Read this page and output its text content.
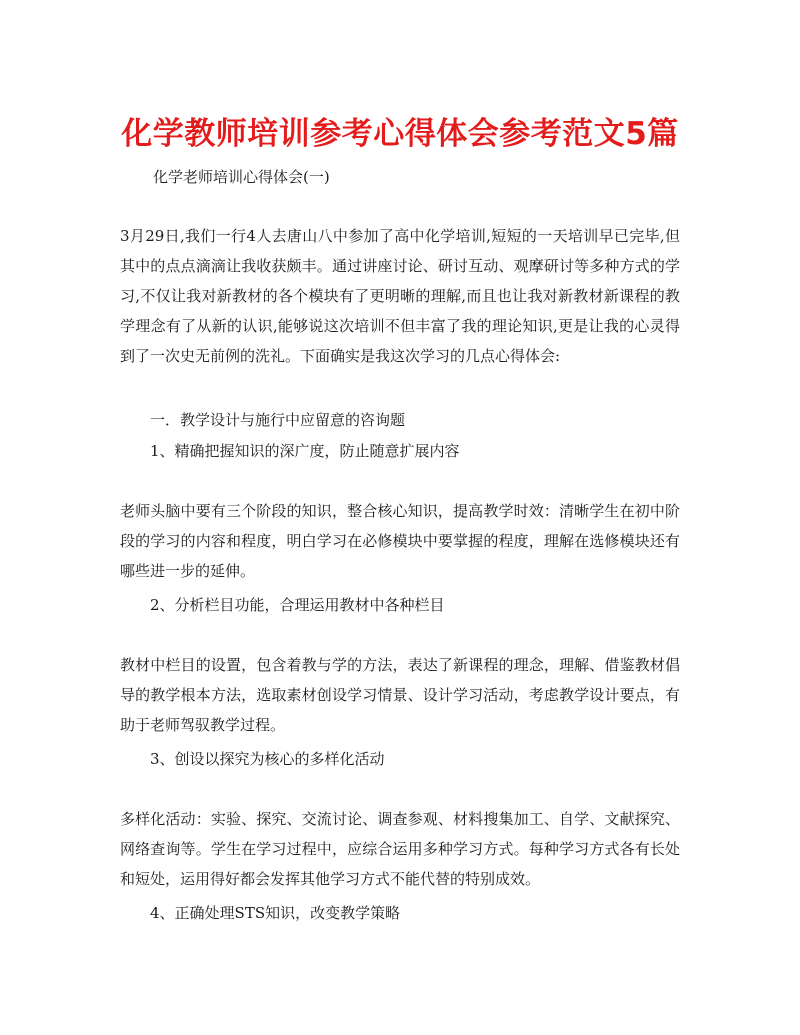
化学教师培训参考心得体会参考范文5篇

化学老师培训心得体会(一)

3月29日,我们一行4人去唐山八中参加了高中化学培训,短短的一天培训早已完毕,但其中的点点滴滴让我收获颇丰。通过讲座讨论、研讨互动、观摩研讨等多种方式的学习,不仅让我对新教材的各个模块有了更明晰的理解,而且也让我对新教材新课程的教学理念有了从新的认识,能够说这次培训不但丰富了我的理论知识,更是让我的心灵得到了一次史无前例的洗礼。下面确实是我这次学习的几点心得体会:

一．教学设计与施行中应留意的咨询题

1、精确把握知识的深广度，防止随意扩展内容

老师头脑中要有三个阶段的知识，整合核心知识，提高教学时效：清晰学生在初中阶段的学习的内容和程度，明白学习在必修模块中要掌握的程度，理解在选修模块还有哪些进一步的延伸。

2、分析栏目功能，合理运用教材中各种栏目

教材中栏目的设置，包含着教与学的方法，表达了新课程的理念，理解、借鉴教材倡导的教学根本方法，选取素材创设学习情景、设计学习活动，考虑教学设计要点，有助于老师驾驭教学过程。

3、创设以探究为核心的多样化活动

多样化活动：实验、探究、交流讨论、调查参观、材料搜集加工、自学、文献探究、网络查询等。学生在学习过程中，应综合运用多种学习方式。每种学习方式各有长处和短处，运用得好都会发挥其他学习方式不能代替的特别成效。

4、正确处理STS知识，改变教学策略
